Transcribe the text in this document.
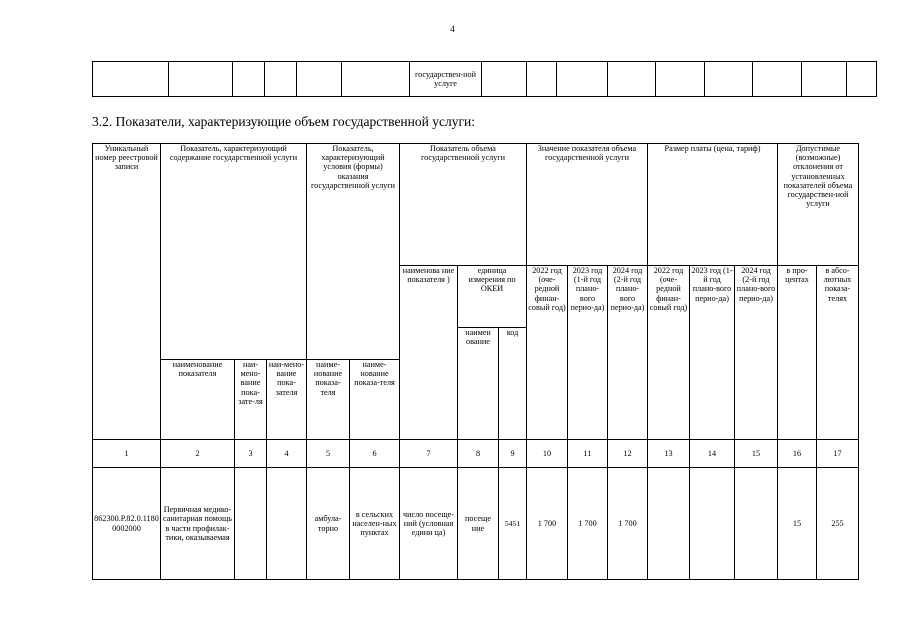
4
						государствен-ной услуге									
3.2. Показатели, характеризующие объем государственной услуги:
Уникальный номер реестровой записи	Показатель, характеризующий содержание государственной услуги			Показатель, характеризующий условия (формы) оказания государственной услуги		Показатель объема государственной услуги			Значение показателя объема государственной услуги			Размер платы (цена, тариф)			Допустимые (возможные) отклонения от установленных показателей объема государствен-ной услуги	
						наименова ние показателя )	единица измерения по ОКЕИ		2022 год (оче-редной финан-совый год)	2023 год (1-й год плано-вого перио-да)	2024 год (2-й год плано-вого перио-да)	2022 год (оче-редной финан-совый год)	2023 год (1-й год плано-вого перио-да)	2024 год (2-й год плано-вого перио-да)	в про-центах	в абсо-лютных показа-телях
							наимен ование	код								
	наименование показателя	наи-мено-вание пока-зате-ля	наи-мено-вание пока-зателя	наиме-нование показа-теля	наиме-нование показа-теля											
1	2	3	4	5	6	7	8	9	10	11	12	13	14	15	16	17
862300.Р.82.0.11800002000	Первичная медико-санитарная помощь в части профилак-тики, оказываемая			амбула-торно	в сельских населен-ных пунктах	число посеще-ний (условная едини ца)	посеще ние	5451	1 700	1 700	1 700				15	255
